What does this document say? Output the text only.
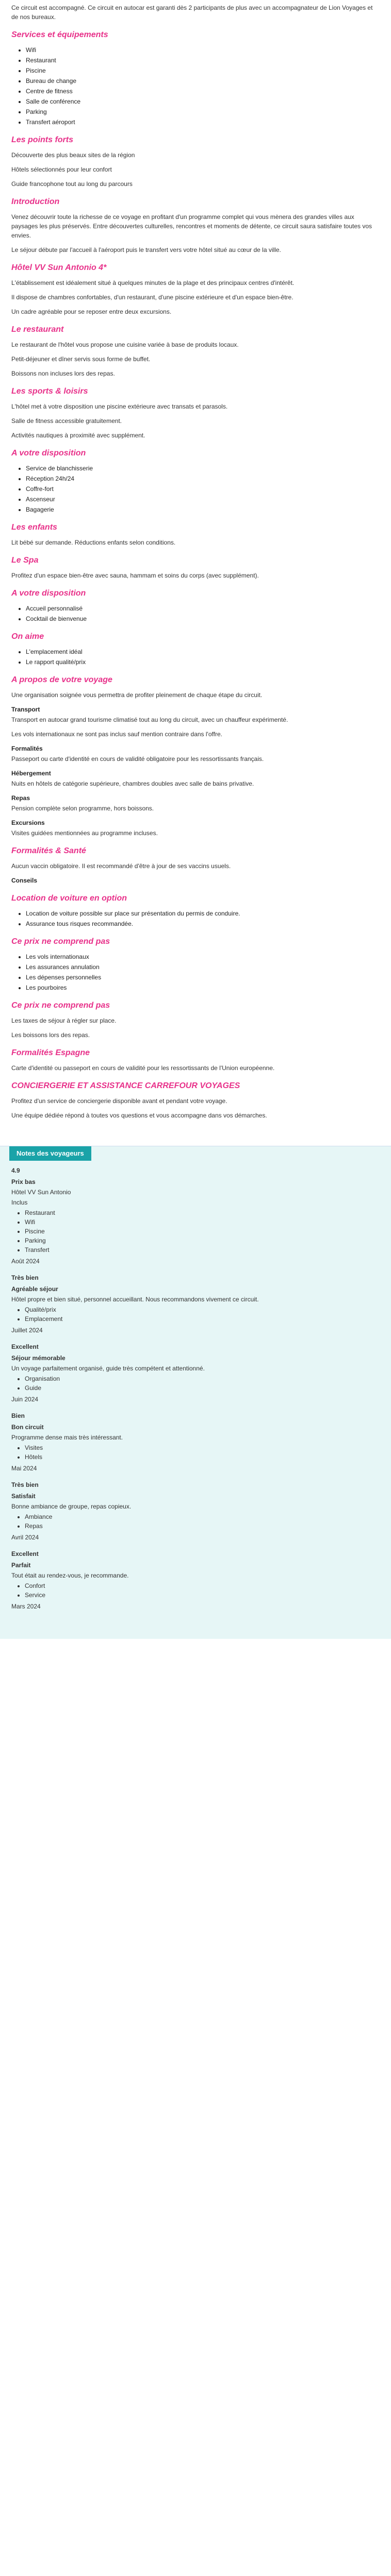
Ce circuit est accompagné. Ce circuit en autocar est garanti dès 2 participants de plus avec un accompagnateur de Lion Voyages et de nos bureaux.

Services et équipements
• Wifi
• Restaurant
• Piscine
• Bureau de change
• Centre de fitness
• Salle de conférence
• Parking
• Transfert aéroport
Les points forts

Découverte des plus beaux sites de la région

Hôtels sélectionnés pour leur confort

Guide francophone tout au long du parcours

Introduction

Venez découvrir toute la richesse de ce voyage en profitant d'un programme complet qui vous mènera des grandes villes aux paysages les plus préservés. Entre découvertes culturelles, rencontres et moments de détente, ce circuit saura satisfaire toutes vos envies.

Le séjour débute par l'accueil à l'aéroport puis le transfert vers votre hôtel situé au cœur de la ville.

Hôtel VV Sun Antonio 4*

L'établissement est idéalement situé à quelques minutes de la plage et des principaux centres d'intérêt.

Il dispose de chambres confortables, d'un restaurant, d'une piscine extérieure et d'un espace bien-être.

Un cadre agréable pour se reposer entre deux excursions.

Le restaurant

Le restaurant de l'hôtel vous propose une cuisine variée à base de produits locaux.

Petit-déjeuner et dîner servis sous forme de buffet.

Boissons non incluses lors des repas.

Les sports & loisirs

L'hôtel met à votre disposition une piscine extérieure avec transats et parasols.

Salle de fitness accessible gratuitement.

Activités nautiques à proximité avec supplément.

A votre disposition
• Service de blanchisserie
• Réception 24h/24
• Coffre-fort
• Ascenseur
• Bagagerie
Les enfants

Lit bébé sur demande. Réductions enfants selon conditions.

Le Spa

Profitez d'un espace bien-être avec sauna, hammam et soins du corps (avec supplément).

A votre disposition
• Accueil personnalisé
• Cocktail de bienvenue
On aime
• L'emplacement idéal
• Le rapport qualité/prix
A propos de votre voyage

Une organisation soignée vous permettra de profiter pleinement de chaque étape du circuit.

Transport

Transport en autocar grand tourisme climatisé tout au long du circuit, avec un chauffeur expérimenté.

Les vols internationaux ne sont pas inclus sauf mention contraire dans l'offre.

Formalités

Passeport ou carte d'identité en cours de validité obligatoire pour les ressortissants français.

Hébergement

Nuits en hôtels de catégorie supérieure, chambres doubles avec salle de bains privative.

Repas

Pension complète selon programme, hors boissons.

Excursions

Visites guidées mentionnées au programme incluses.

Formalités & Santé

Aucun vaccin obligatoire. Il est recommandé d'être à jour de ses vaccins usuels.

Conseils
Location de voiture en option
• Location de voiture possible sur place sur présentation du permis de conduire.
• Assurance tous risques recommandée.
Ce prix ne comprend pas
• Les vols internationaux
• Les assurances annulation
• Les dépenses personnelles
• Les pourboires
Ce prix ne comprend pas

Les taxes de séjour à régler sur place.

Les boissons lors des repas.

Formalités Espagne

Carte d'identité ou passeport en cours de validité pour les ressortissants de l'Union européenne.

CONCIERGERIE ET ASSISTANCE CARREFOUR VOYAGES

Profitez d'un service de conciergerie disponible avant et pendant votre voyage.

Une équipe dédiée répond à toutes vos questions et vous accompagne dans vos démarches.

Notes des voyageurs
4.9
Prix bas
Hôtel VV Sun Antonio
Inclus
• Restaurant
• Wifi
• Piscine
• Parking
• Transfert
Août 2024
Très bien
Agréable séjour
Hôtel propre et bien situé, personnel accueillant. Nous recommandons vivement ce circuit.
• Qualité/prix
• Emplacement
Juillet 2024
Excellent
Séjour mémorable
Un voyage parfaitement organisé, guide très compétent et attentionné.
• Organisation
• Guide
Juin 2024
Bien
Bon circuit
Programme dense mais très intéressant.
• Visites
• Hôtels
Mai 2024
Très bien
Satisfait
Bonne ambiance de groupe, repas copieux.
• Ambiance
• Repas
Avril 2024
Excellent
Parfait
Tout était au rendez-vous, je recommande.
• Confort
• Service
Mars 2024
